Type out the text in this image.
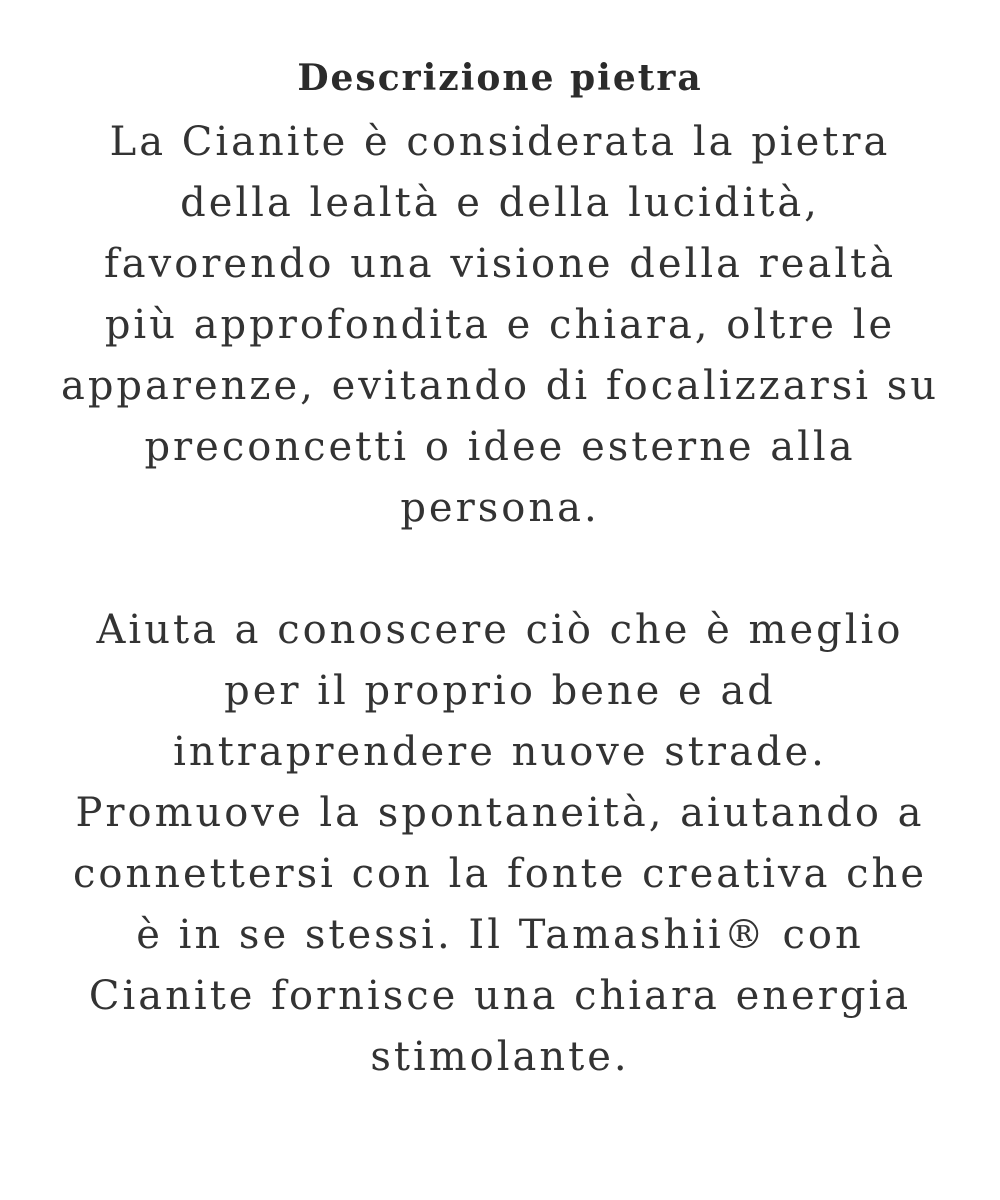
Descrizione pietra

La Cianite è considerata la pietra della lealtà e della lucidità, favorendo una visione della realtà più approfondita e chiara, oltre le apparenze, evitando di focalizzarsi su preconcetti o idee esterne alla persona.
Aiuta a conoscere ciò che è meglio per il proprio bene e ad intraprendere nuove strade. Promuove la spontaneità, aiutando a connettersi con la fonte creativa che è in se stessi. Il Tamashii® con Cianite fornisce una chiara energia stimolante.
